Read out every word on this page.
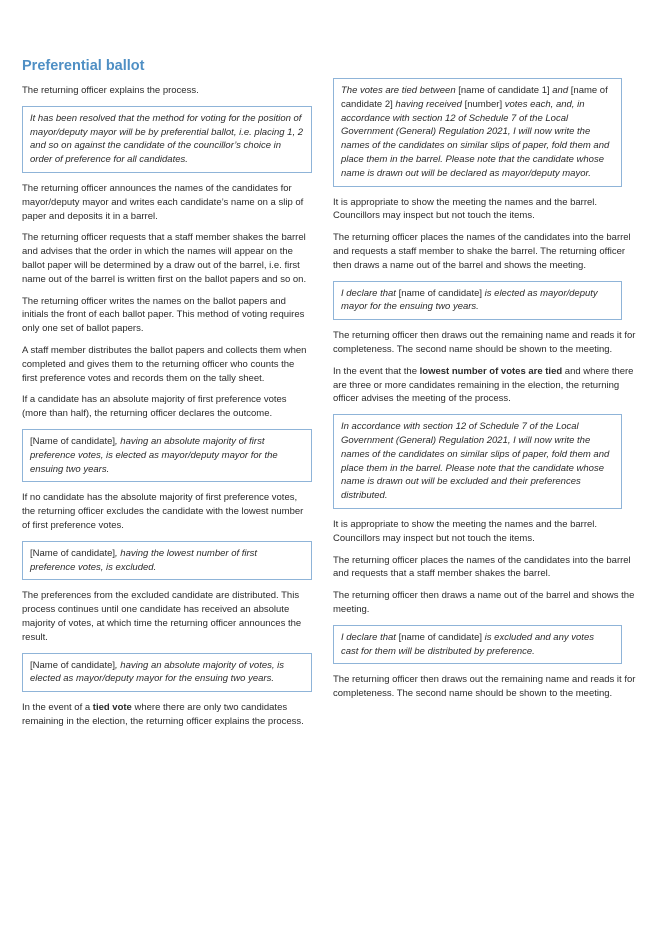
Preferential ballot

The returning officer explains the process.

It has been resolved that the method for voting for the position of mayor/deputy mayor will be by preferential ballot, i.e. placing 1, 2 and so on against the candidate of the councillor’s choice in order of preference for all candidates.

The returning officer announces the names of the candidates for mayor/deputy mayor and writes each candidate’s name on a slip of paper and deposits it in a barrel.

The returning officer requests that a staff member shakes the barrel and advises that the order in which the names will appear on the ballot paper will be determined by a draw out of the barrel, i.e. first name out of the barrel is written first on the ballot papers and so on.

The returning officer writes the names on the ballot papers and initials the front of each ballot paper. This method of voting requires only one set of ballot papers.

A staff member distributes the ballot papers and collects them when completed and gives them to the returning officer who counts the first preference votes and records them on the tally sheet.

If a candidate has an absolute majority of first preference votes (more than half), the returning officer declares the outcome.

[Name of candidate], having an absolute majority of first preference votes, is elected as mayor/deputy mayor for the ensuing two years.

If no candidate has the absolute majority of first preference votes, the returning officer excludes the candidate with the lowest number of first preference votes.

[Name of candidate], having the lowest number of first preference votes, is excluded.

The preferences from the excluded candidate are distributed. This process continues until one candidate has received an absolute majority of votes, at which time the returning officer announces the result.

[Name of candidate], having an absolute majority of votes, is elected as mayor/deputy mayor for the ensuing two years.

In the event of a tied vote where there are only two candidates remaining in the election, the returning officer explains the process.

The votes are tied between [name of candidate 1] and [name of candidate 2] having received [number] votes each, and, in accordance with section 12 of Schedule 7 of the Local Government (General) Regulation 2021, I will now write the names of the candidates on similar slips of paper, fold them and place them in the barrel. Please note that the candidate whose name is drawn out will be declared as mayor/deputy mayor.

It is appropriate to show the meeting the names and the barrel. Councillors may inspect but not touch the items.

The returning officer places the names of the candidates into the barrel and requests a staff member to shake the barrel. The returning officer then draws a name out of the barrel and shows the meeting.

I declare that [name of candidate] is elected as mayor/deputy mayor for the ensuing two years.

The returning officer then draws out the remaining name and reads it for completeness. The second name should be shown to the meeting.

In the event that the lowest number of votes are tied and where there are three or more candidates remaining in the election, the returning officer advises the meeting of the process.

In accordance with section 12 of Schedule 7 of the Local Government (General) Regulation 2021, I will now write the names of the candidates on similar slips of paper, fold them and place them in the barrel. Please note that the candidate whose name is drawn out will be excluded and their preferences distributed.

It is appropriate to show the meeting the names and the barrel. Councillors may inspect but not touch the items.

The returning officer places the names of the candidates into the barrel and requests that a staff member shakes the barrel.

The returning officer then draws a name out of the barrel and shows the meeting.

I declare that [name of candidate] is excluded and any votes cast for them will be distributed by preference.

The returning officer then draws out the remaining name and reads it for completeness. The second name should be shown to the meeting.
